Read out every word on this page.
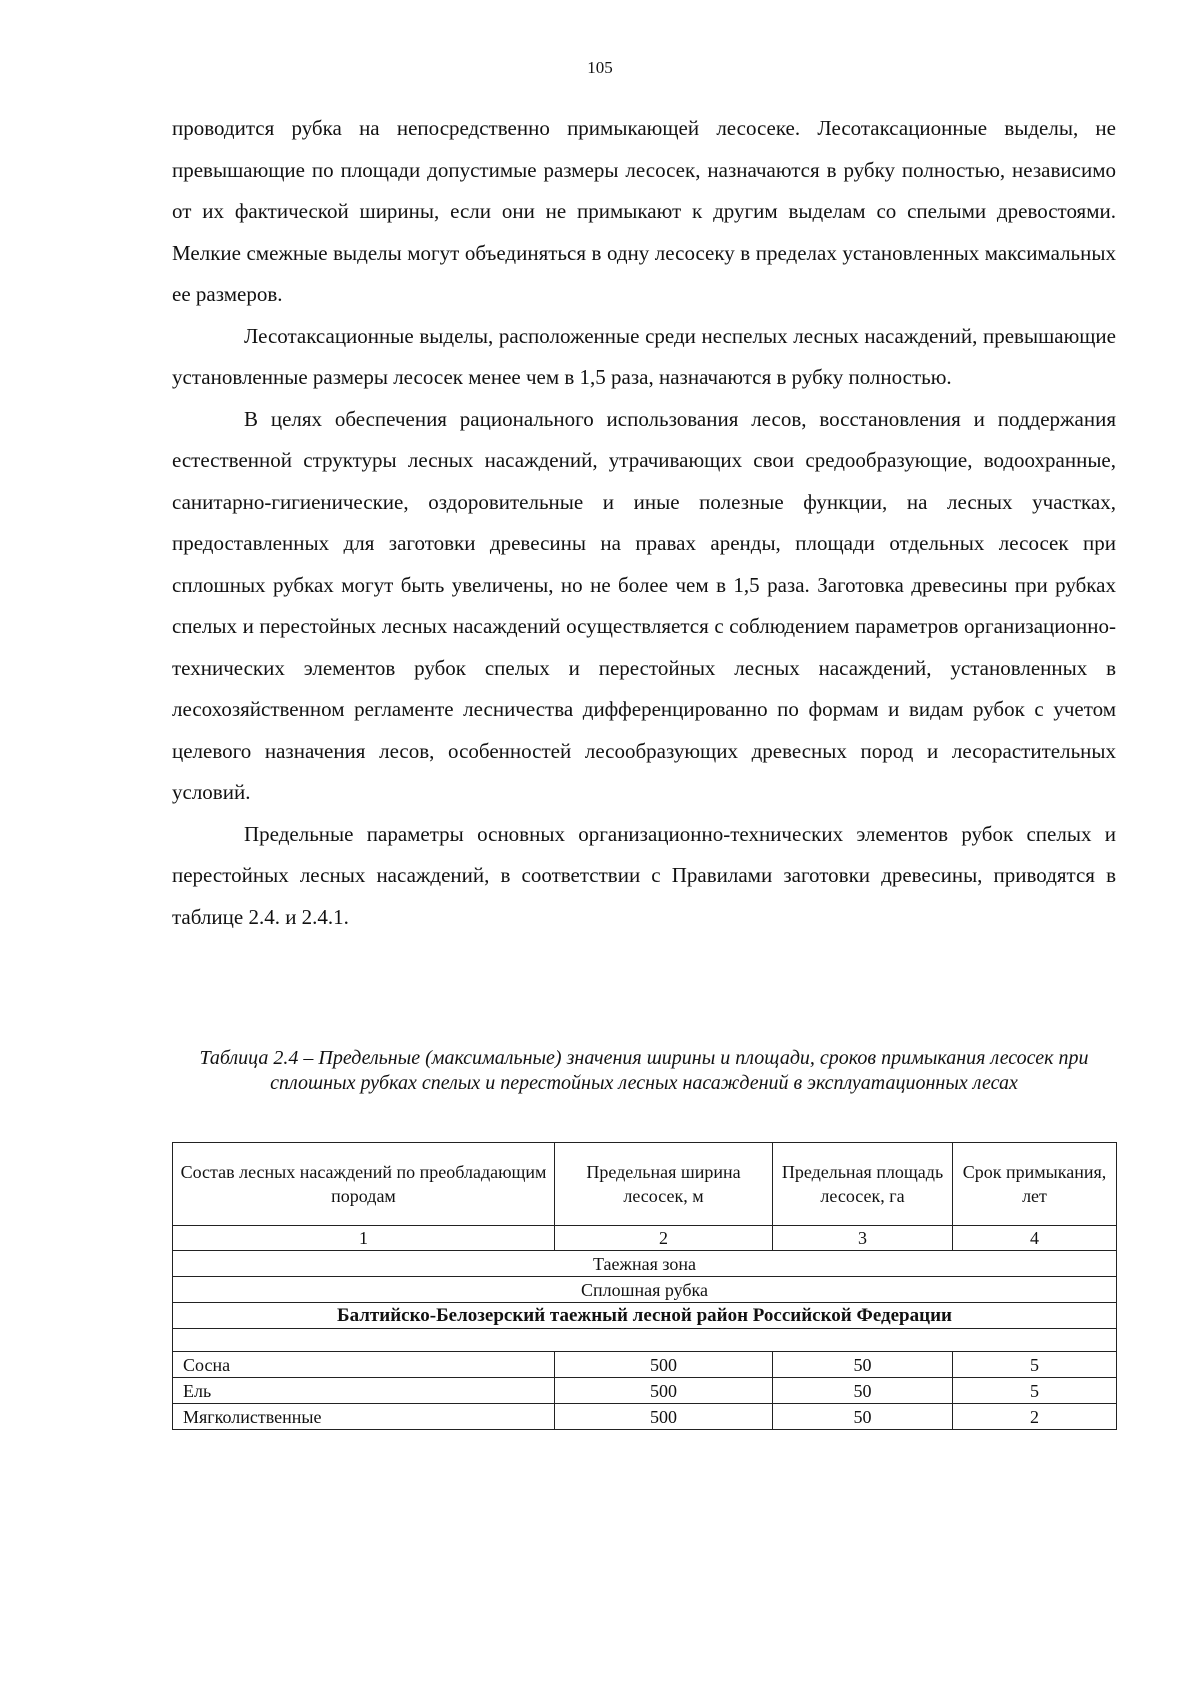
105

проводится рубка на непосредственно примыкающей лесосеке. Лесотаксационные выделы, не превышающие по площади допустимые размеры лесосек, назначаются в рубку полностью, независимо от их фактической ширины, если они не примыкают к другим выделам со спелыми древостоями. Мелкие смежные выделы могут объединяться в одну лесосеку в пределах установленных максимальных ее размеров.

Лесотаксационные выделы, расположенные среди неспелых лесных насаждений, превышающие установленные размеры лесосек менее чем в 1,5 раза, назначаются в рубку полностью.

В целях обеспечения рационального использования лесов, восстановления и поддержания естественной структуры лесных насаждений, утрачивающих свои средообразующие, водоохранные, санитарно-гигиенические, оздоровительные и иные полезные функции, на лесных участках, предоставленных для заготовки древесины на правах аренды, площади отдельных лесосек при сплошных рубках могут быть увеличены, но не более чем в 1,5 раза. Заготовка древесины при рубках спелых и перестойных лесных насаждений осуществляется с соблюдением параметров организационно-технических элементов рубок спелых и перестойных лесных насаждений, установленных в лесохозяйственном регламенте лесничества дифференцированно по формам и видам рубок с учетом целевого назначения лесов, особенностей лесообразующих древесных пород и лесорастительных условий.

Предельные параметры основных организационно-технических элементов рубок спелых и перестойных лесных насаждений, в соответствии с Правилами заготовки древесины, приводятся в таблице 2.4. и 2.4.1.

Таблица 2.4 – Предельные (максимальные) значения ширины и площади, сроков примыкания лесосек при сплошных рубках спелых и перестойных лесных насаждений в эксплуатационных лесах

Состав лесных насаждений по преобладающим породам	Предельная ширина лесосек, м	Предельная площадь лесосек, га	Срок примыкания, лет
1	2	3	4
Таежная зона			
Сплошная рубка			
Балтийско-Белозерский таежный лесной район Российской Федерации			

Сосна	500	50	5
Ель	500	50	5
Мягколиственные	500	50	2
